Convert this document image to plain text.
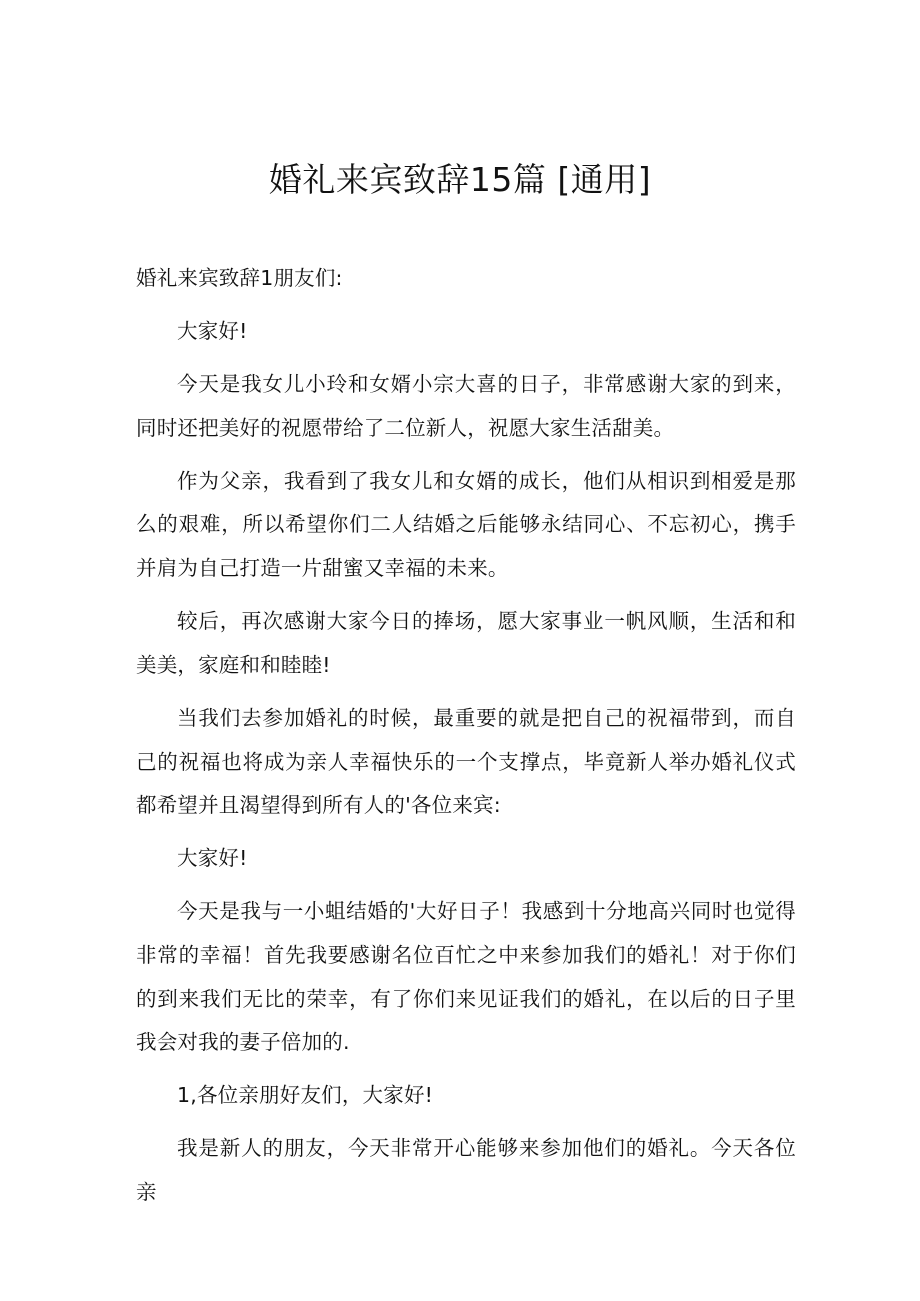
婚礼来宾致辞15篇 [通用]

婚礼来宾致辞1朋友们:

大家好!

今天是我女儿小玲和女婿小宗大喜的日子，非常感谢大家的到来，同时还把美好的祝愿带给了二位新人，祝愿大家生活甜美。

作为父亲，我看到了我女儿和女婿的成长，他们从相识到相爱是那么的艰难，所以希望你们二人结婚之后能够永结同心、不忘初心，携手并肩为自己打造一片甜蜜又幸福的未来。

较后，再次感谢大家今日的捧场，愿大家事业一帆风顺，生活和和美美，家庭和和睦睦!

当我们去参加婚礼的时候，最重要的就是把自己的祝福带到，而自己的祝福也将成为亲人幸福快乐的一个支撑点，毕竟新人举办婚礼仪式都希望并且渴望得到所有人的'各位来宾:

大家好!

今天是我与一小蛆结婚的'大好日子！我感到十分地高兴同时也觉得非常的幸福！首先我要感谢名位百忙之中来参加我们的婚礼！对于你们的到来我们无比的荣幸，有了你们来见证我们的婚礼，在以后的日子里我会对我的妻子倍加的.

1,各位亲朋好友们，大家好!

我是新人的朋友，今天非常开心能够来参加他们的婚礼。今天各位亲
